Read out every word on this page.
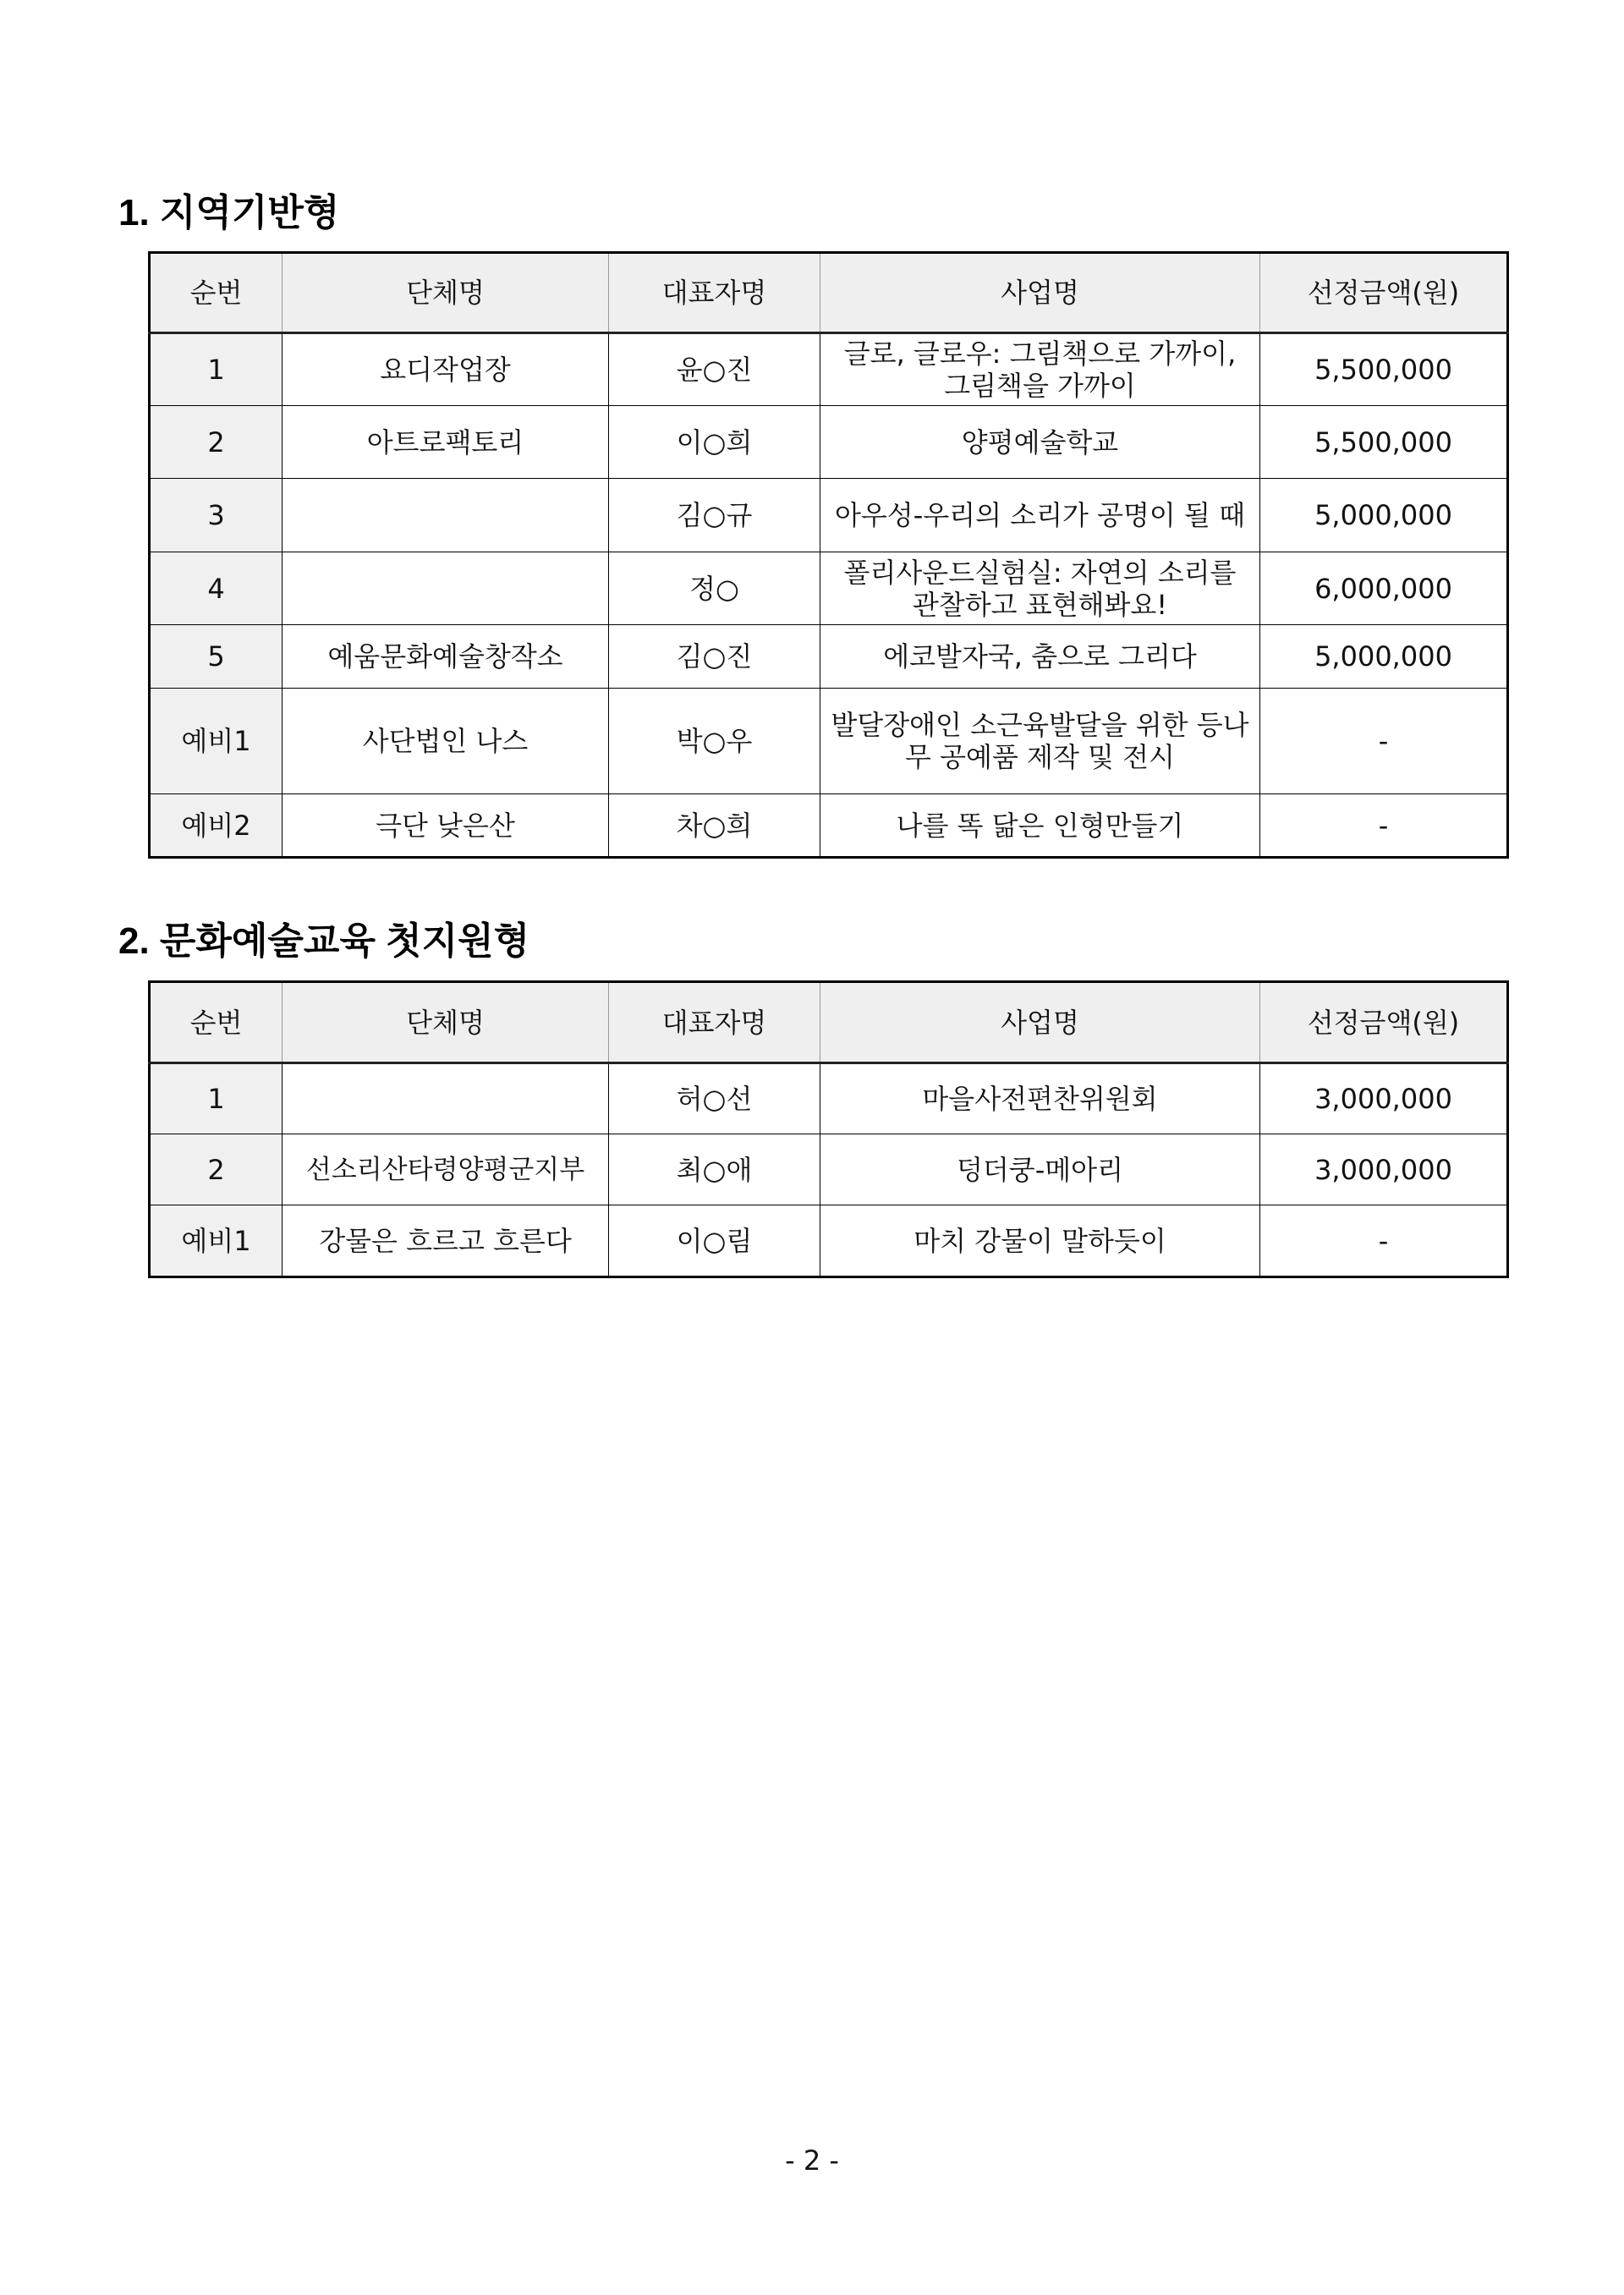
1. 지역기반형
순번	단체명	대표자명	사업명	선정금액(원)
1	요디작업장	윤○진	글로, 글로우: 그림책으로 가까이, 그림책을 가까이	5,500,000
2	아트로팩토리	이○희	양평예술학교	5,500,000
3		김○규	아우성-우리의 소리가 공명이 될 때	5,000,000
4		정○	폴리사운드실험실: 자연의 소리를 관찰하고 표현해봐요!	6,000,000
5	예움문화예술창작소	김○진	에코발자국, 춤으로 그리다	5,000,000
예비1	사단법인 나스	박○우	발달장애인 소근육발달을 위한 등나무 공예품 제작 및 전시	-
예비2	극단 낮은산	차○희	나를 똑 닮은 인형만들기	-
2. 문화예술교육 첫지원형
순번	단체명	대표자명	사업명	선정금액(원)
1		허○선	마을사전편찬위원회	3,000,000
2	선소리산타령양평군지부	최○애	덩더쿵-메아리	3,000,000
예비1	강물은 흐르고 흐른다	이○림	마치 강물이 말하듯이	-
- 2 -
